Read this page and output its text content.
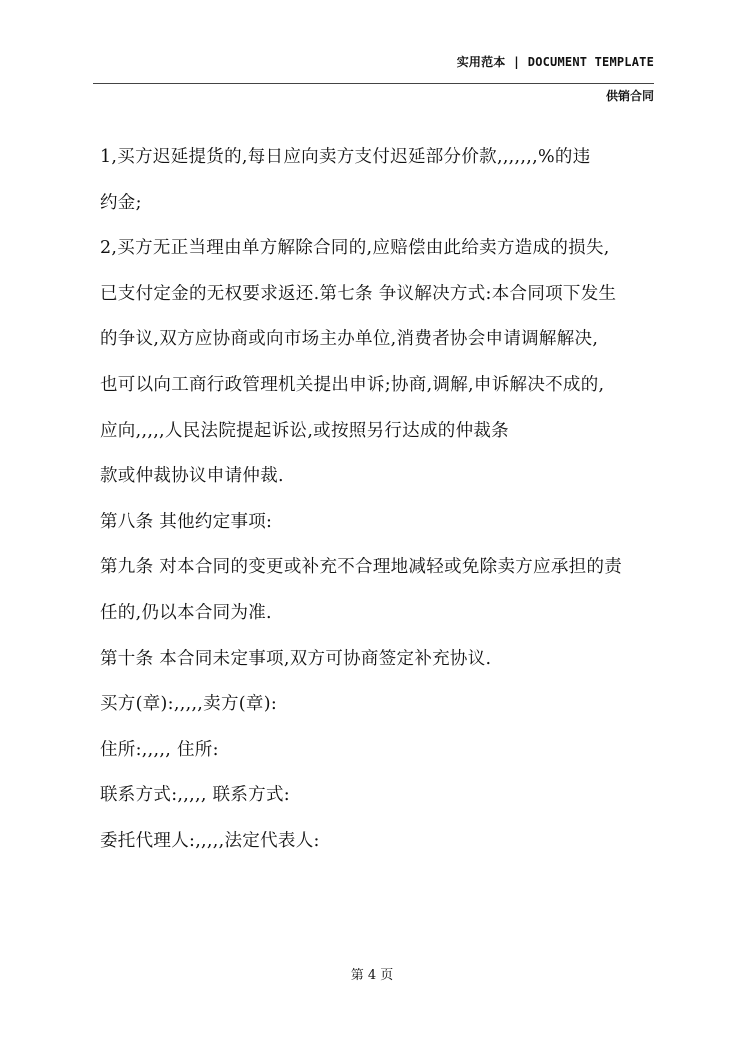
实用范本 | DOCUMENT TEMPLATE
供销合同
1,买方迟延提货的,每日应向卖方支付迟延部分价款,,,,,,,%的违
约金;
2,买方无正当理由单方解除合同的,应赔偿由此给卖方造成的损失,
已支付定金的无权要求返还.第七条 争议解决方式:本合同项下发生
的争议,双方应协商或向市场主办单位,消费者协会申请调解解决,
也可以向工商行政管理机关提出申诉;协商,调解,申诉解决不成的,
应向,,,,,人民法院提起诉讼,或按照另行达成的仲裁条
款或仲裁协议申请仲裁.
第八条 其他约定事项:
第九条 对本合同的变更或补充不合理地减轻或免除卖方应承担的责
任的,仍以本合同为准.
第十条 本合同未定事项,双方可协商签定补充协议.
买方(章):,,,,,卖方(章):
住所:,,,,, 住所:
联系方式:,,,,, 联系方式:
委托代理人:,,,,,法定代表人:
第 4 页
